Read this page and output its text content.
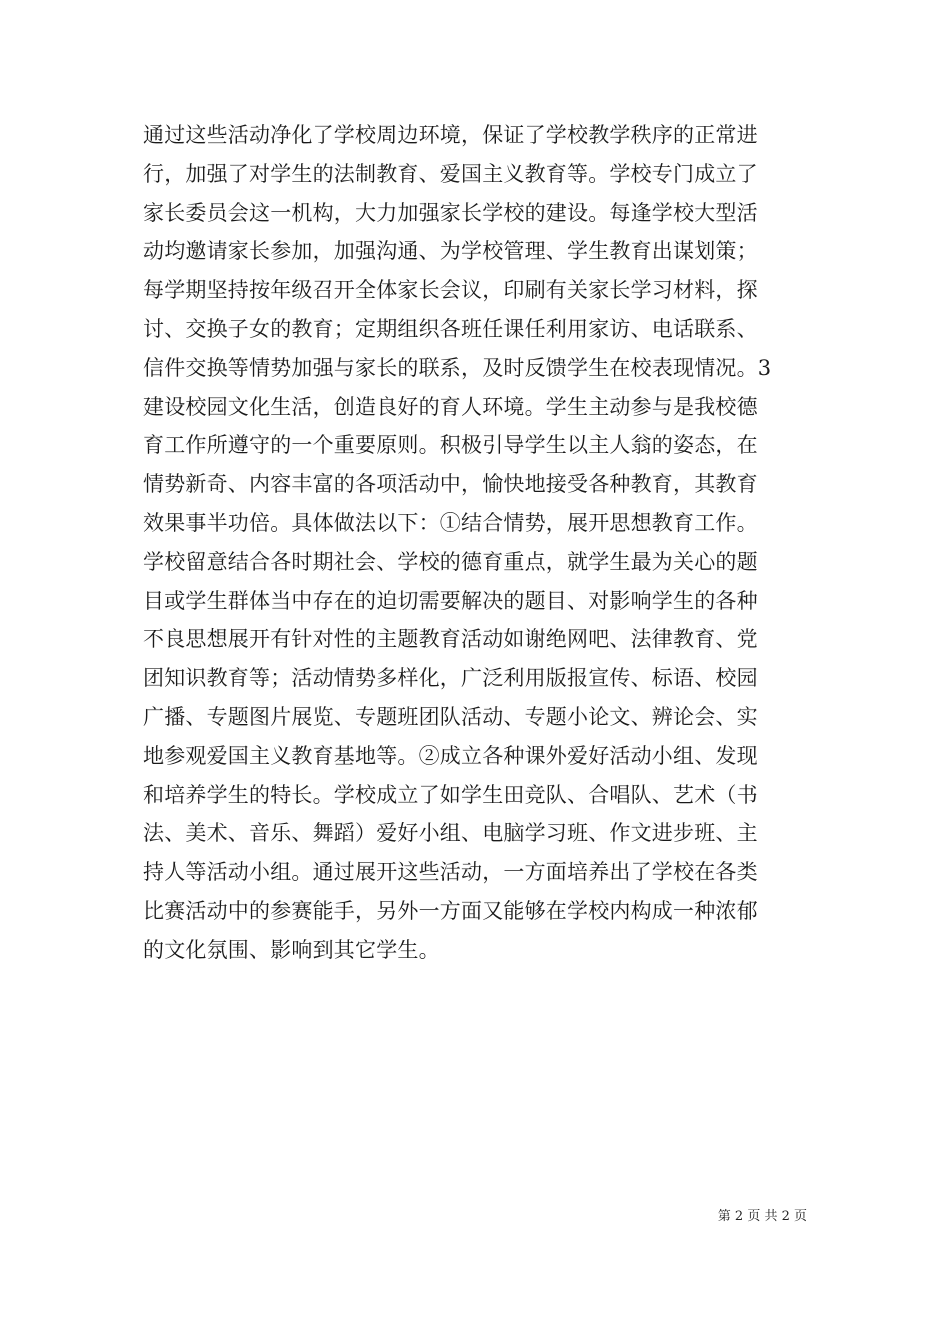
通过这些活动净化了学校周边环境，保证了学校教学秩序的正常进
行，加强了对学生的法制教育、爱国主义教育等。学校专门成立了
家长委员会这一机构，大力加强家长学校的建设。每逢学校大型活
动均邀请家长参加，加强沟通、为学校管理、学生教育出谋划策；
每学期坚持按年级召开全体家长会议，印刷有关家长学习材料，探
讨、交换子女的教育；定期组织各班任课任利用家访、电话联系、
信件交换等情势加强与家长的联系，及时反馈学生在校表现情况。3
建设校园文化生活，创造良好的育人环境。学生主动参与是我校德
育工作所遵守的一个重要原则。积极引导学生以主人翁的姿态，在
情势新奇、内容丰富的各项活动中，愉快地接受各种教育，其教育
效果事半功倍。具体做法以下：①结合情势，展开思想教育工作。
学校留意结合各时期社会、学校的德育重点，就学生最为关心的题
目或学生群体当中存在的迫切需要解决的题目、对影响学生的各种
不良思想展开有针对性的主题教育活动如谢绝网吧、法律教育、党
团知识教育等；活动情势多样化，广泛利用版报宣传、标语、校园
广播、专题图片展览、专题班团队活动、专题小论文、辨论会、实
地参观爱国主义教育基地等。②成立各种课外爱好活动小组、发现
和培养学生的特长。学校成立了如学生田竞队、合唱队、艺术（书
法、美术、音乐、舞蹈）爱好小组、电脑学习班、作文进步班、主
持人等活动小组。通过展开这些活动，一方面培养出了学校在各类
比赛活动中的参赛能手，另外一方面又能够在学校内构成一种浓郁
的文化氛围、影响到其它学生。
第 2 页 共 2 页
